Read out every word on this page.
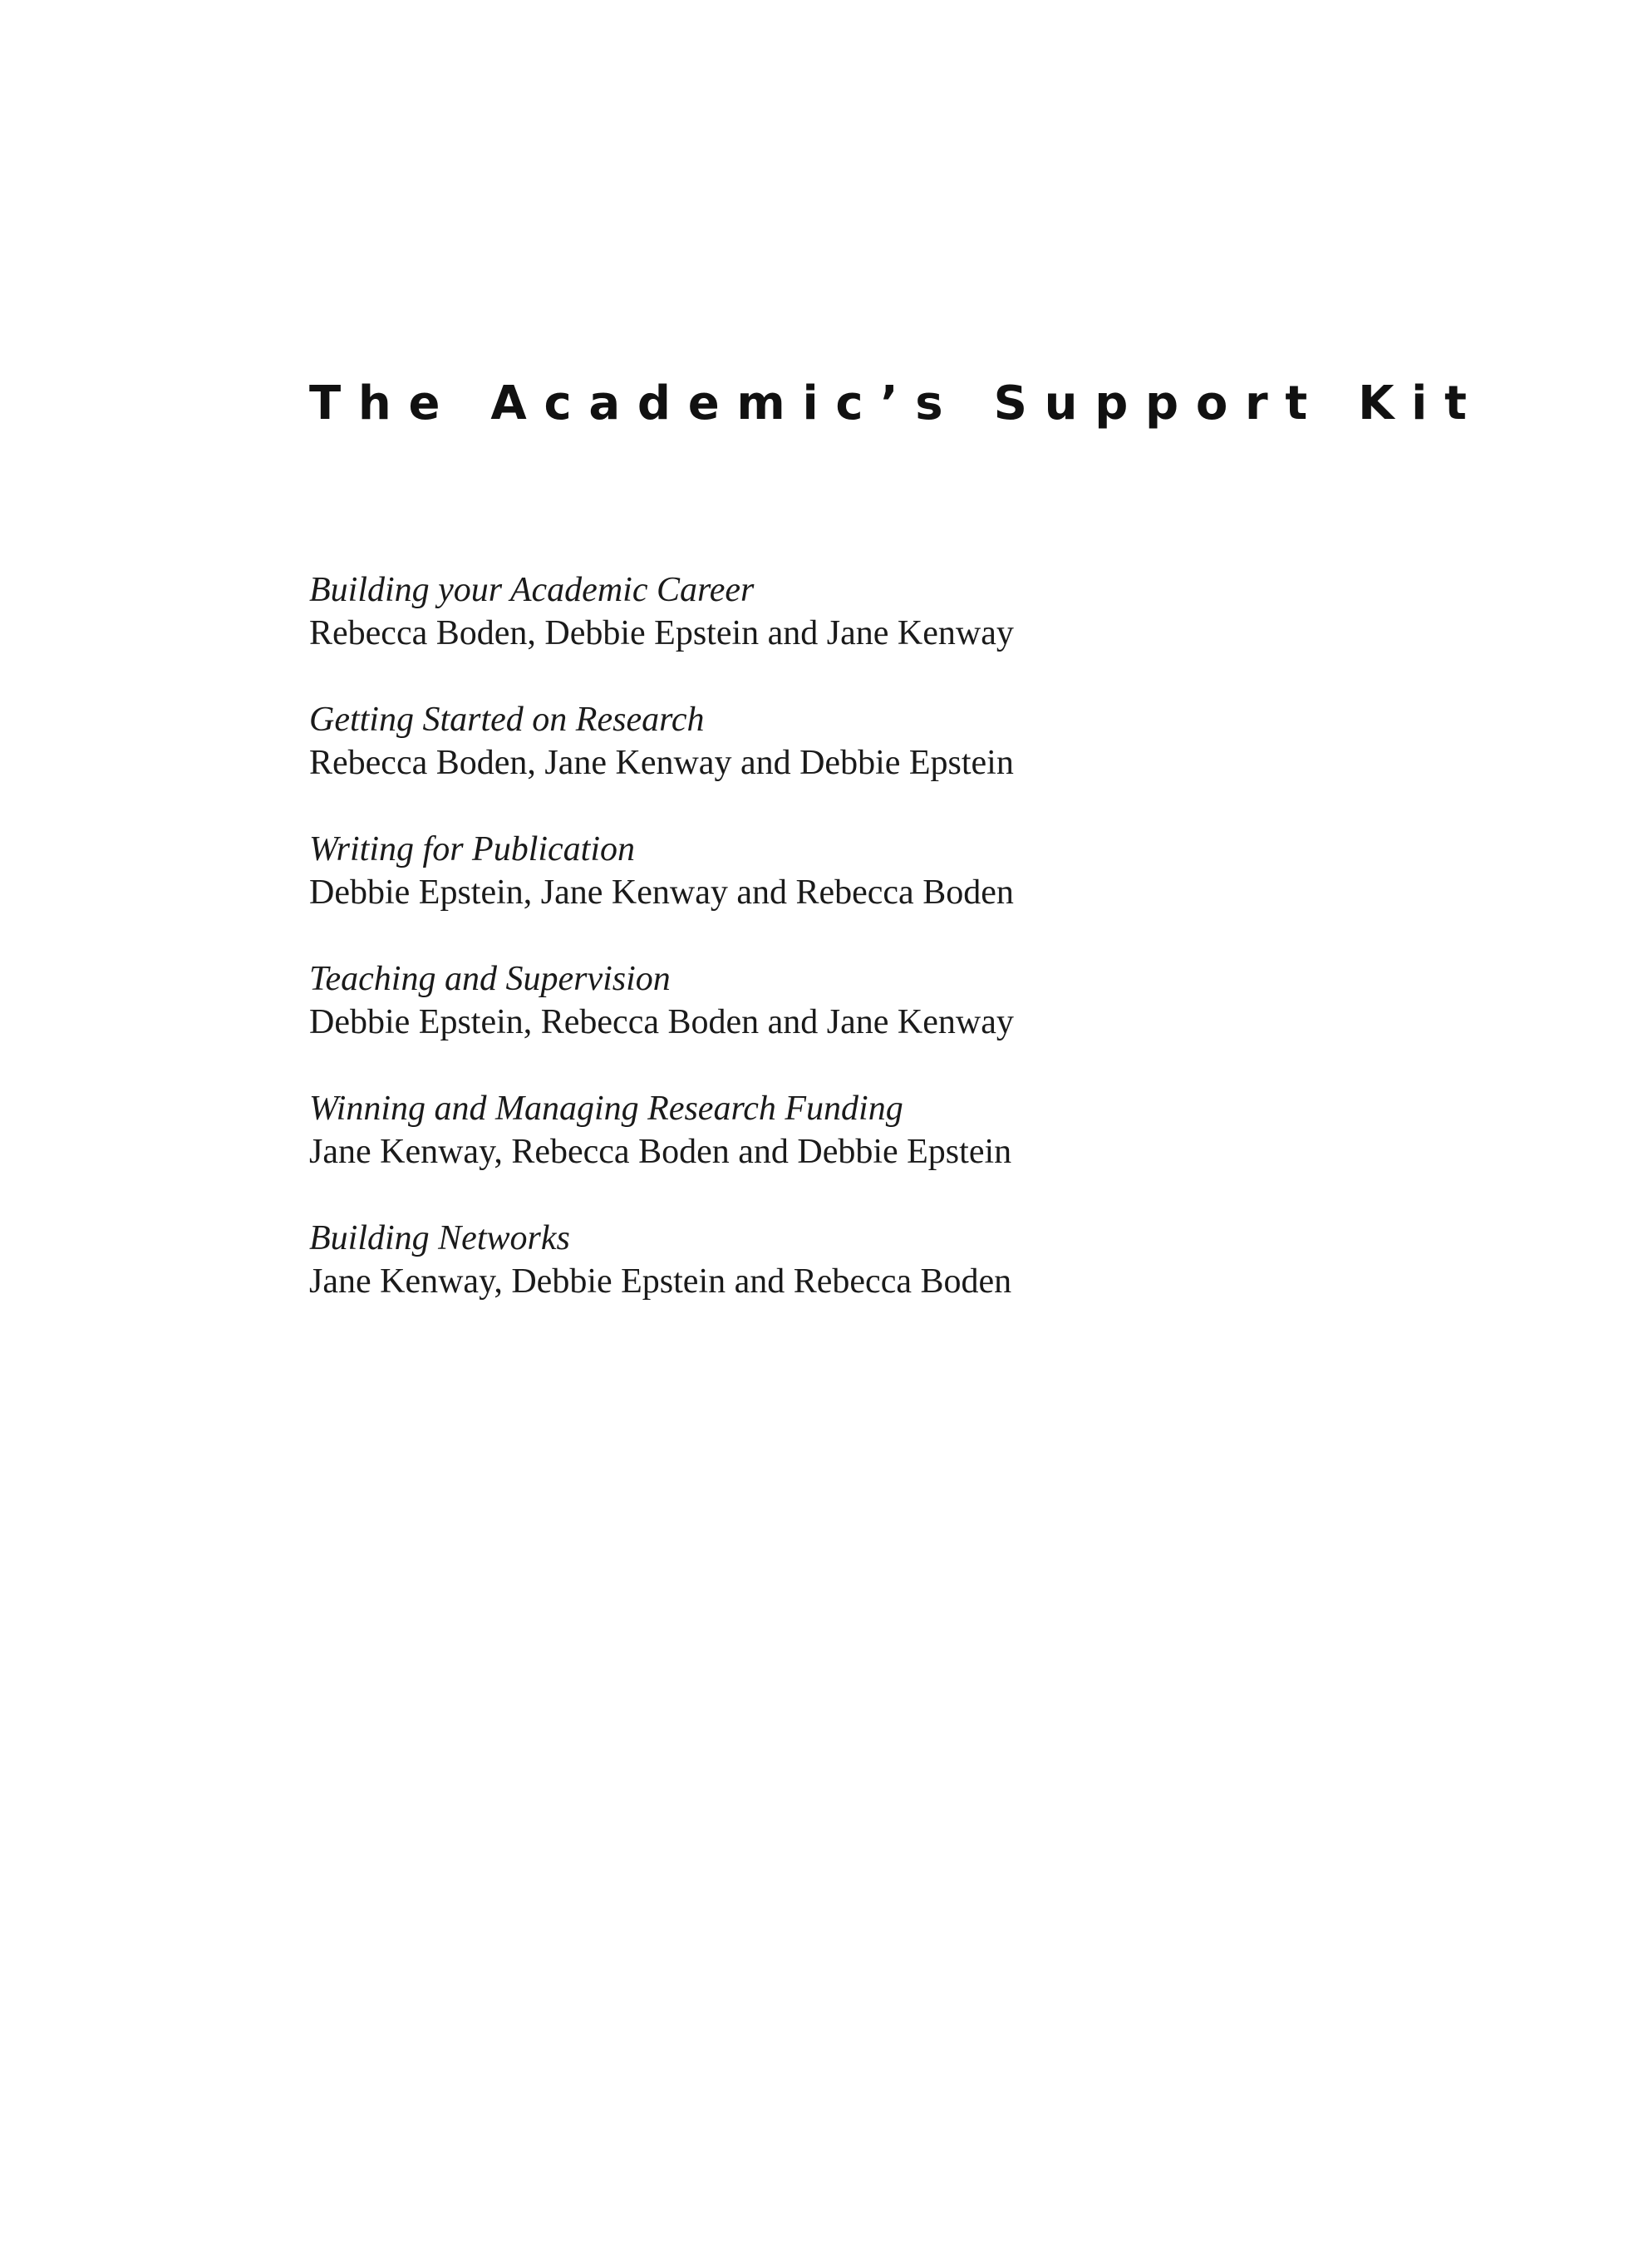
The Academic’s Support Kit
Building your Academic Career
Rebecca Boden, Debbie Epstein and Jane Kenway
Getting Started on Research
Rebecca Boden, Jane Kenway and Debbie Epstein
Writing for Publication
Debbie Epstein, Jane Kenway and Rebecca Boden
Teaching and Supervision
Debbie Epstein, Rebecca Boden and Jane Kenway
Winning and Managing Research Funding
Jane Kenway, Rebecca Boden and Debbie Epstein
Building Networks
Jane Kenway, Debbie Epstein and Rebecca Boden
